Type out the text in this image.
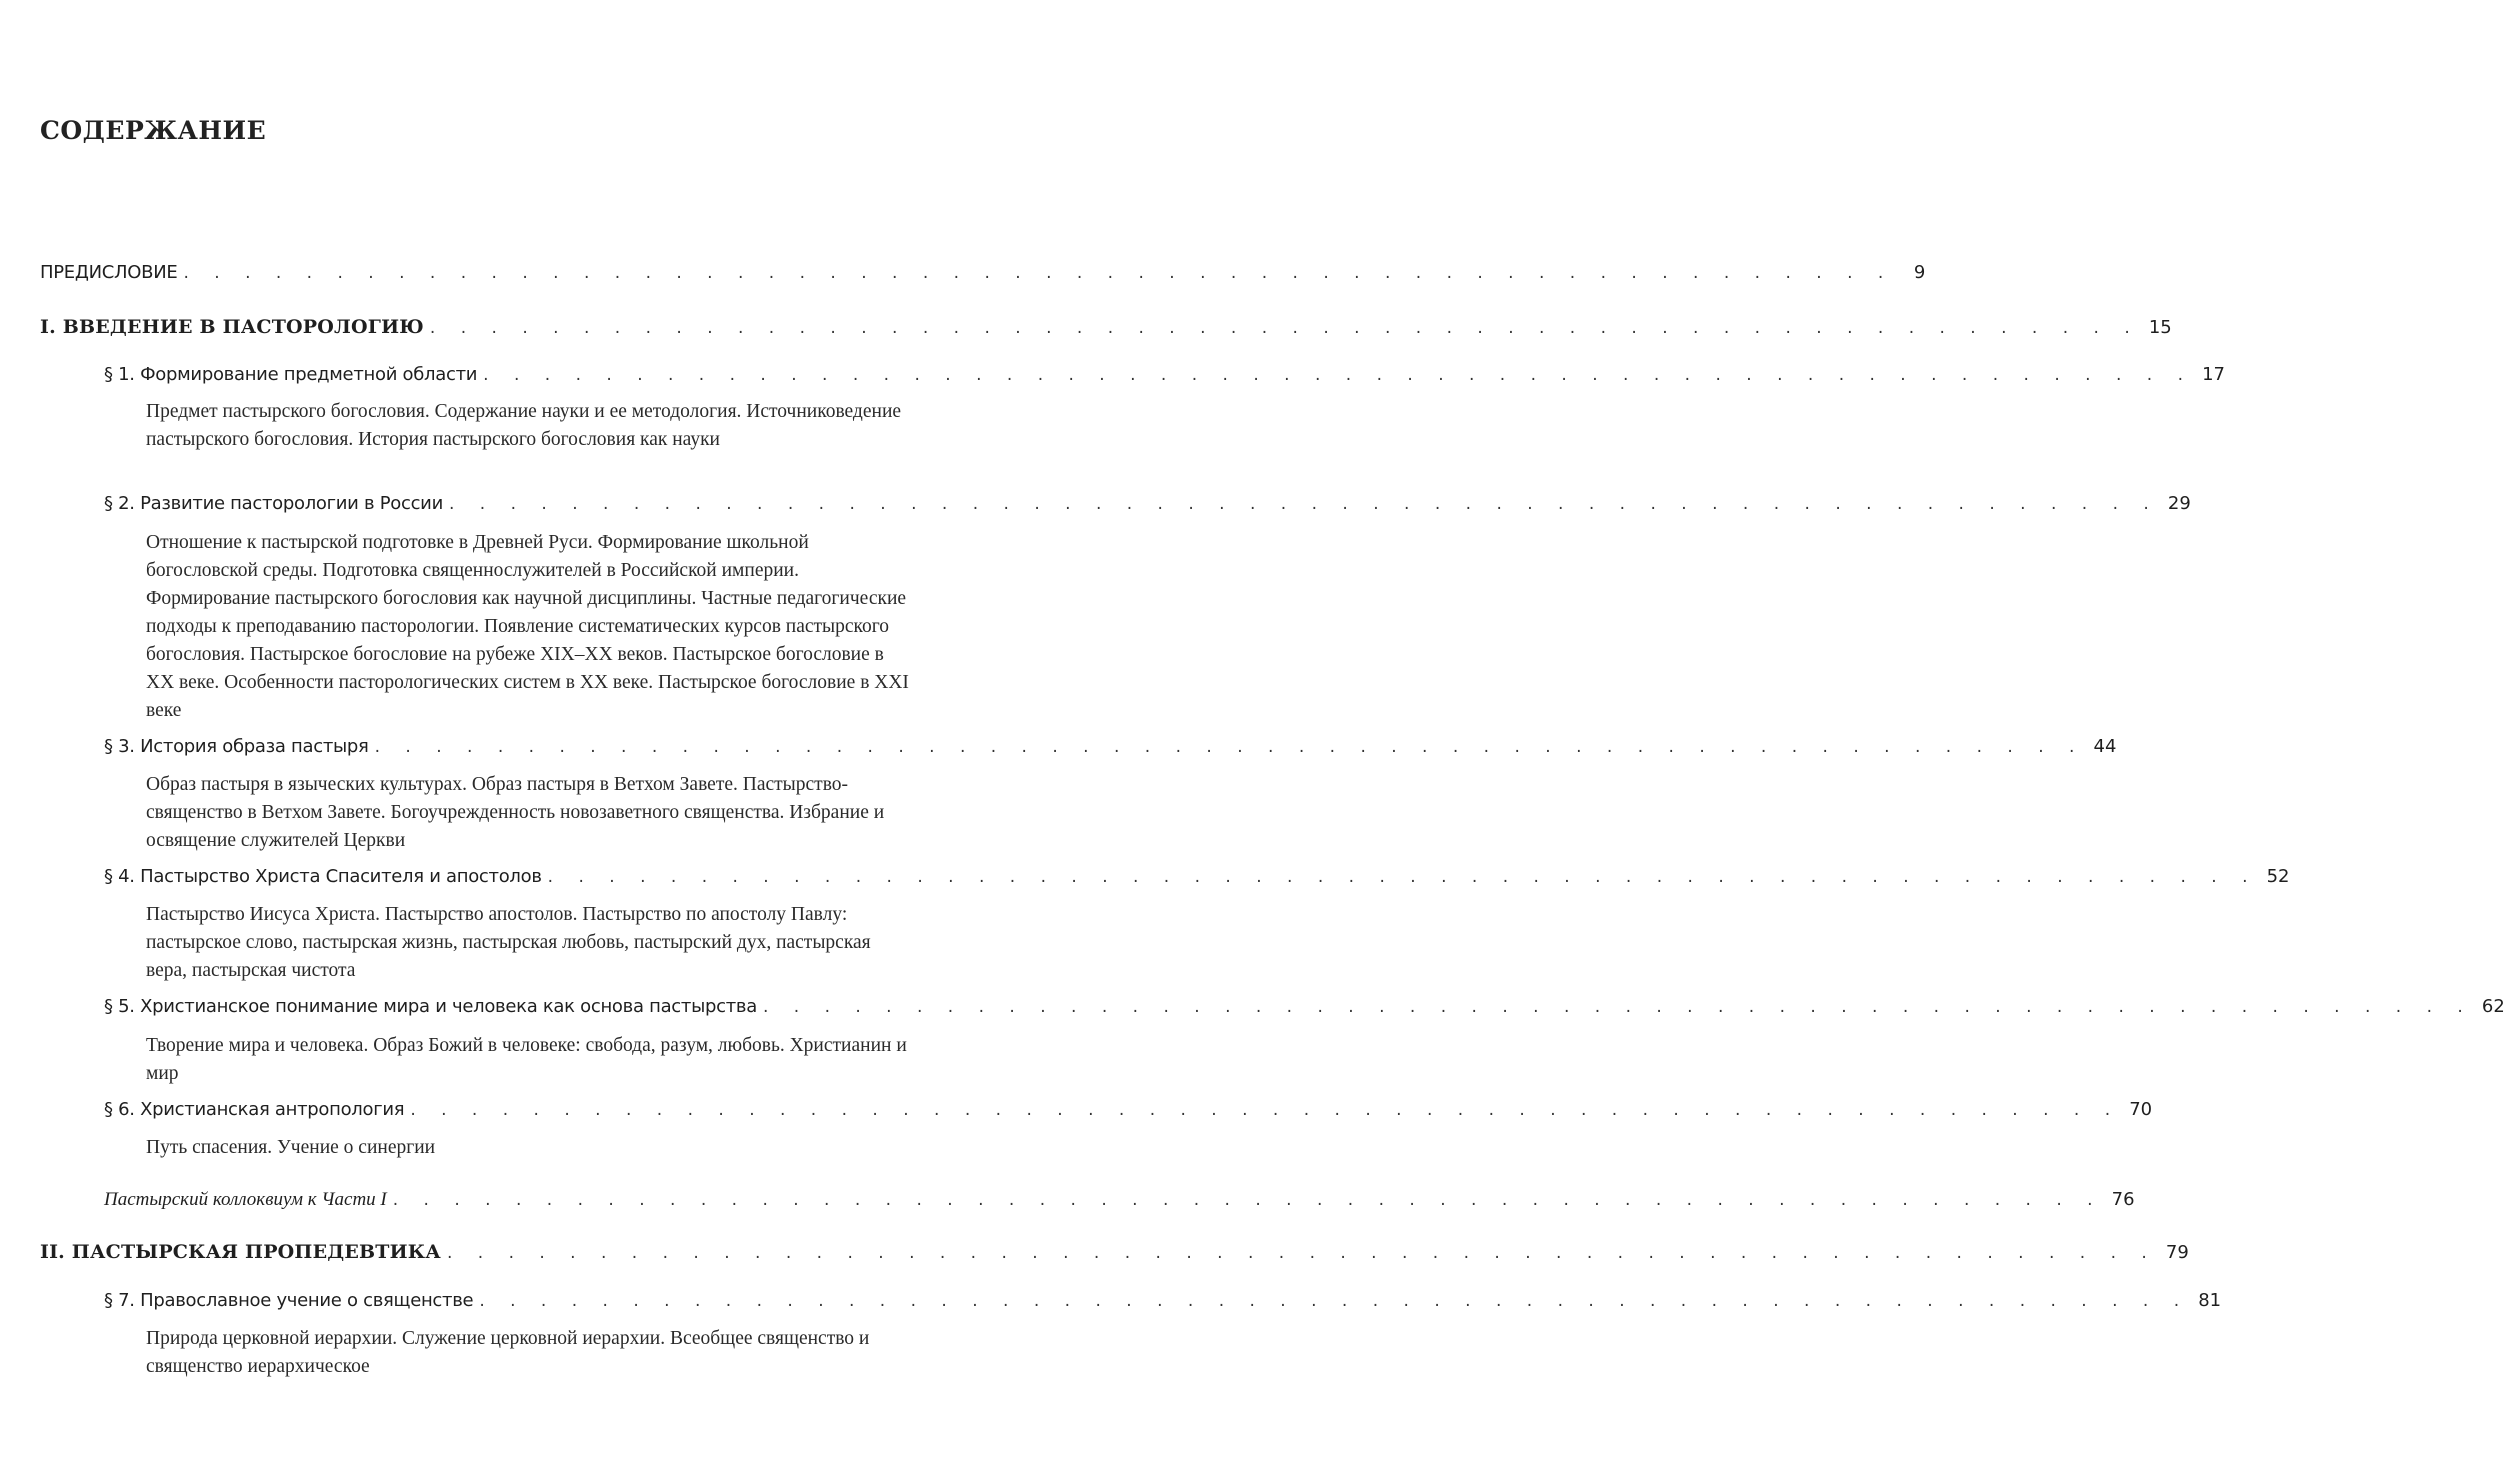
СОДЕРЖАНИЕ
ПРЕДИСЛОВИЕ . . . . . . . . . . . . . . . . . . . . . . . . . . . . . . . . . . . . . . . . . . . . . . . . . . . . . . . .	9
I. ВВЕДЕНИЕ В ПАСТОРОЛОГИЮ . . . . . . . . . . . . . . . . . . . . . . . . . . . . . . . . . . . . . . . . . . . . . . . . . . . . . . . . 15
§ 1. Формирование предметной области . . . . . . . . . . . . . . . . . . . . . . . . . . . . . . . . . . . . . . . . . . . . . . . . . . . . . . . . 17

Предмет пастырского богословия. Содержание науки и ее методология. Источниковедение пастырского богословия. История пастырского богословия как науки

§ 2. Развитие пасторологии в России . . . . . . . . . . . . . . . . . . . . . . . . . . . . . . . . . . . . . . . . . . . . . . . . . . . . . . . . 29

Отношение к пастырской подготовке в Древней Руси. Формирование школьной богословской среды. Подготовка священнослужителей в Российской империи. Формирование пастырского богословия как научной дисциплины. Частные педагогические подходы к преподаванию пасторологии. Появление систематических курсов пастырского богословия. Пастырское богословие на рубеже XIX–XX веков. Пастырское богословие в XX веке. Особенности пасторологических систем в XX веке. Пастырское богословие в XXI веке

§ 3. История образа пастыря . . . . . . . . . . . . . . . . . . . . . . . . . . . . . . . . . . . . . . . . . . . . . . . . . . . . . . . . 44

Образ пастыря в языческих культурах. Образ пастыря в Ветхом Завете. Пастырство-священство в Ветхом Завете. Богоучрежденность новозаветного священства. Избрание и освящение служителей Церкви

§ 4. Пастырство Христа Спасителя и апостолов . . . . . . . . . . . . . . . . . . . . . . . . . . . . . . . . . . . . . . . . . . . . . . . . . . . . . . . . 52

Пастырство Иисуса Христа. Пастырство апостолов. Пастырство по апостолу Павлу: пастырское слово, пастырская жизнь, пастырская любовь, пастырский дух, пастырская вера, пастырская чистота

§ 5. Христианское понимание мира и человека как основа пастырства . . . . . . . . . . . . . . . . . . . . . . . . . . . . . . . . . . . . . . . . . . . . . . . . . . . . . . . . 62

Творение мира и человека. Образ Божий в человеке: свобода, разум, любовь. Христианин и мир

§ 6. Христианская антропология . . . . . . . . . . . . . . . . . . . . . . . . . . . . . . . . . . . . . . . . . . . . . . . . . . . . . . . . 70

Путь спасения. Учение о синергии

Пастырский коллоквиум к Части I . . . . . . . . . . . . . . . . . . . . . . . . . . . . . . . . . . . . . . . . . . . . . . . . . . . . . . . . 76
II. ПАСТЫРСКАЯ ПРОПЕДЕВТИКА . . . . . . . . . . . . . . . . . . . . . . . . . . . . . . . . . . . . . . . . . . . . . . . . . . . . . . . . 79
§ 7. Православное учение о священстве . . . . . . . . . . . . . . . . . . . . . . . . . . . . . . . . . . . . . . . . . . . . . . . . . . . . . . . . 81

Природа церковной иерархии. Служение церковной иерархии. Всеобщее священство и священство иерархическое
